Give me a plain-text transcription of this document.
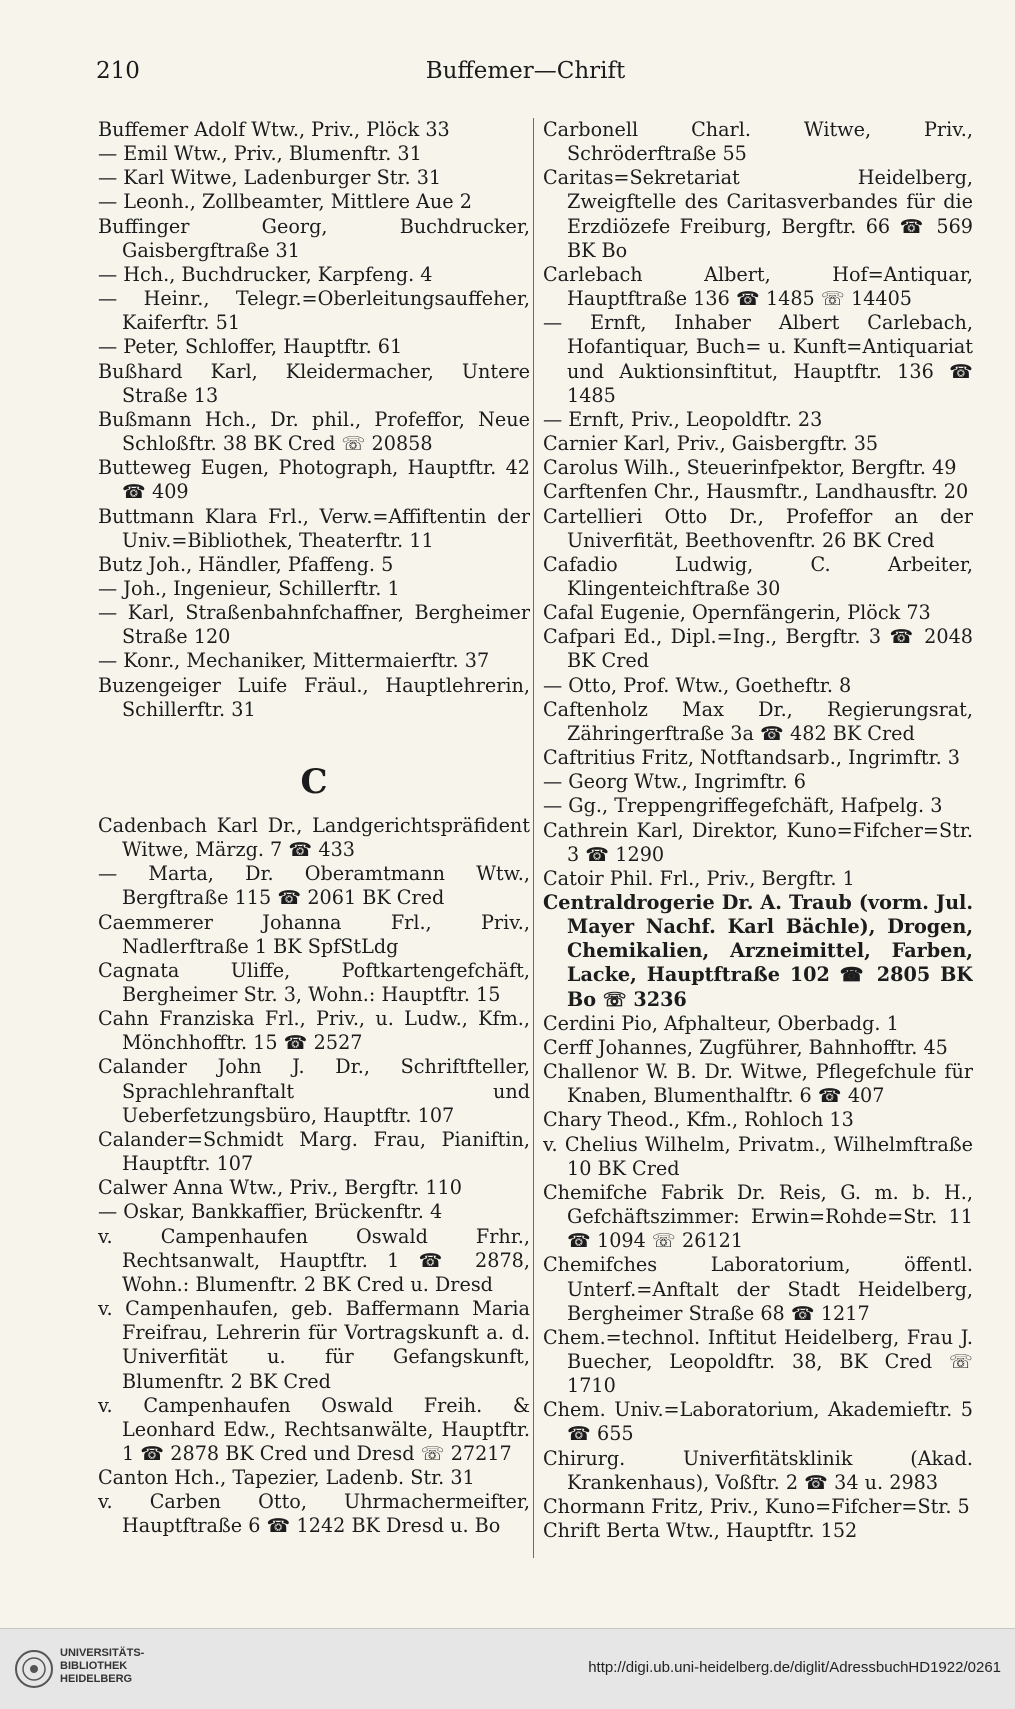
210	Buffemer—Chrift

Buffemer Adolf Wtw., Priv., Plöck 33

— Emil Wtw., Priv., Blumenftr. 31

— Karl Witwe, Ladenburger Str. 31

— Leonh., Zollbeamter, Mittlere Aue 2

Buffinger Georg, Buchdrucker, Gaisbergftraße 31

— Hch., Buchdrucker, Karpfeng. 4

— Heinr., Telegr.=Oberleitungsauffeher, Kaiferftr. 51

— Peter, Schloffer, Hauptftr. 61

Bußhard Karl, Kleidermacher, Untere Straße 13

Bußmann Hch., Dr. phil., Profeffor, Neue Schloßftr. 38 BK Cred ☏ 20858

Butteweg Eugen, Photograph, Hauptftr. 42 ☎ 409

Buttmann Klara Frl., Verw.=Affiftentin der Univ.=Bibliothek, Theaterftr. 11

Butz Joh., Händler, Pfaffeng. 5

— Joh., Ingenieur, Schillerftr. 1

— Karl, Straßenbahnfchaffner, Bergheimer Straße 120

— Konr., Mechaniker, Mittermaierftr. 37

Buzengeiger Luife Fräul., Hauptlehrerin, Schillerftr. 31

C

Cadenbach Karl Dr., Landgerichtspräfident Witwe, Märzg. 7 ☎ 433

— Marta, Dr. Oberamtmann Wtw., Bergftraße 115 ☎ 2061 BK Cred

Caemmerer Johanna Frl., Priv., Nadlerftraße 1 BK SpfStLdg

Cagnata Uliffe, Poftkartengefchäft, Bergheimer Str. 3, Wohn.: Hauptftr. 15

Cahn Franziska Frl., Priv., u. Ludw., Kfm., Mönchhofftr. 15 ☎ 2527

Calander John J. Dr., Schriftfteller, Sprachlehranftalt und Ueberfetzungsbüro, Hauptftr. 107

Calander=Schmidt Marg. Frau, Pianiftin, Hauptftr. 107

Calwer Anna Wtw., Priv., Bergftr. 110

— Oskar, Bankkaffier, Brückenftr. 4

v. Campenhaufen Oswald Frhr., Rechtsanwalt, Hauptftr. 1 ☎ 2878, Wohn.: Blumenftr. 2 BK Cred u. Dresd

v. Campenhaufen, geb. Baffermann Maria Freifrau, Lehrerin für Vortragskunft a. d. Univerfität u. für Gefangskunft, Blumenftr. 2 BK Cred

v. Campenhaufen Oswald Freih. & Leonhard Edw., Rechtsanwälte, Hauptftr. 1 ☎ 2878 BK Cred und Dresd ☏ 27217

Canton Hch., Tapezier, Ladenb. Str. 31

v. Carben Otto, Uhrmachermeifter, Hauptftraße 6 ☎ 1242 BK Dresd u. Bo

Carbonell Charl. Witwe, Priv., Schröderftraße 55

Caritas=Sekretariat Heidelberg, Zweigftelle des Caritasverbandes für die Erzdiözefe Freiburg, Bergftr. 66 ☎ 569 BK Bo

Carlebach Albert, Hof=Antiquar, Hauptftraße 136 ☎ 1485 ☏ 14405

— Ernft, Inhaber Albert Carlebach, Hofantiquar, Buch= u. Kunft=Antiquariat und Auktionsinftitut, Hauptftr. 136 ☎ 1485

— Ernft, Priv., Leopoldftr. 23

Carnier Karl, Priv., Gaisbergftr. 35

Carolus Wilh., Steuerinfpektor, Bergftr. 49

Carftenfen Chr., Hausmftr., Landhausftr. 20

Cartellieri Otto Dr., Profeffor an der Univerfität, Beethovenftr. 26 BK Cred

Cafadio Ludwig, C. Arbeiter, Klingenteichftraße 30

Cafal Eugenie, Opernfängerin, Plöck 73

Cafpari Ed., Dipl.=Ing., Bergftr. 3 ☎ 2048 BK Cred

— Otto, Prof. Wtw., Goetheftr. 8

Caftenholz Max Dr., Regierungsrat, Zähringerftraße 3a ☎ 482 BK Cred

Caftritius Fritz, Notftandsarb., Ingrimftr. 3

— Georg Wtw., Ingrimftr. 6

— Gg., Treppengriffegefchäft, Hafpelg. 3

Cathrein Karl, Direktor, Kuno=Fifcher=Str. 3 ☎ 1290

Catoir Phil. Frl., Priv., Bergftr. 1

Centraldrogerie Dr. A. Traub (vorm. Jul. Mayer Nachf. Karl Bächle), Drogen, Chemikalien, Arzneimittel, Farben, Lacke, Hauptftraße 102 ☎ 2805 BK Bo ☏ 3236

Cerdini Pio, Afphalteur, Oberbadg. 1

Cerff Johannes, Zugführer, Bahnhofftr. 45

Challenor W. B. Dr. Witwe, Pflegefchule für Knaben, Blumenthalftr. 6 ☎ 407

Chary Theod., Kfm., Rohloch 13

v. Chelius Wilhelm, Privatm., Wilhelmftraße 10 BK Cred

Chemifche Fabrik Dr. Reis, G. m. b. H., Gefchäftszimmer: Erwin=Rohde=Str. 11 ☎ 1094 ☏ 26121

Chemifches Laboratorium, öffentl. Unterf.=Anftalt der Stadt Heidelberg, Bergheimer Straße 68 ☎ 1217

Chem.=technol. Inftitut Heidelberg, Frau J. Buecher, Leopoldftr. 38, BK Cred ☏ 1710

Chem. Univ.=Laboratorium, Akademieftr. 5 ☎ 655

Chirurg. Univerfitätsklinik (Akad. Krankenhaus), Voßftr. 2 ☎ 34 u. 2983

Chormann Fritz, Priv., Kuno=Fifcher=Str. 5

Chrift Berta Wtw., Hauptftr. 152

UNIVERSITÄTS-
BIBLIOTHEK
HEIDELBERG
http://digi.ub.uni-heidelberg.de/diglit/AdressbuchHD1922/0261
